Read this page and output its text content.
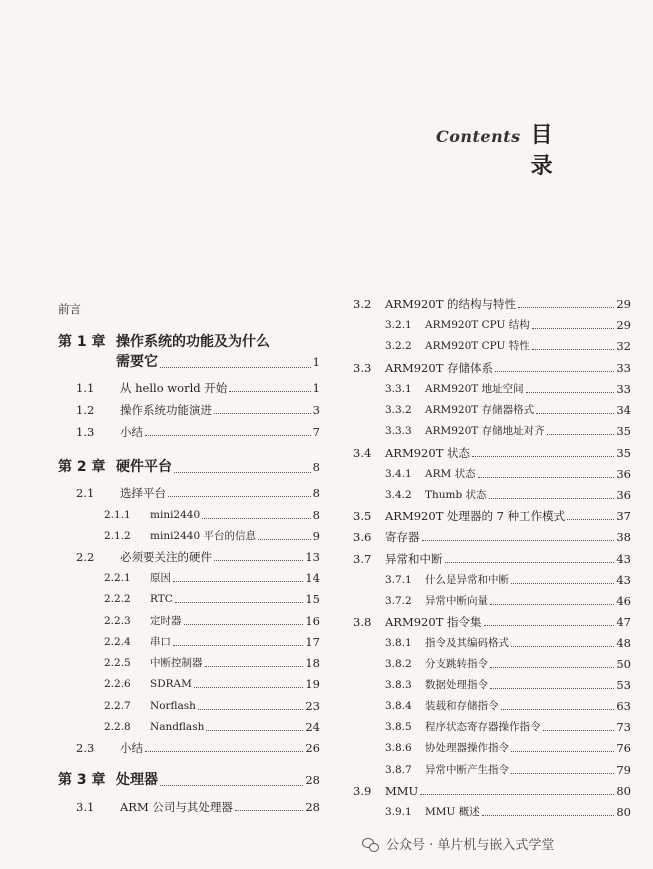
Contents 目 录
前言
第 1 章 操作系统的功能及为什么
需要它	1
1.1	从 hello world 开始	1
1.2	操作系统功能演进	3
1.3	小结	7
第 2 章 硬件平台	8
2.1	选择平台	8
2.1.1	mini2440	8
2.1.2	mini2440 平台的信息	9
2.2	必须要关注的硬件	13
2.2.1	原因	14
2.2.2	RTC	15
2.2.3	定时器	16
2.2.4	串口	17
2.2.5	中断控制器	18
2.2.6	SDRAM	19
2.2.7	Norflash	23
2.2.8	Nandflash	24
2.3	小结	26
第 3 章 处理器	28
3.1	ARM 公司与其处理器	28
3.2	ARM920T 的结构与特性	29
3.2.1	ARM920T CPU 结构	29
3.2.2	ARM920T CPU 特性	32
3.3	ARM920T 存储体系	33
3.3.1	ARM920T 地址空间	33
3.3.2	ARM920T 存储器格式	34
3.3.3	ARM920T 存储地址对齐	35
3.4	ARM920T 状态	35
3.4.1	ARM 状态	36
3.4.2	Thumb 状态	36
3.5	ARM920T 处理器的 7 种工作模式	37
3.6	寄存器	38
3.7	异常和中断	43
3.7.1	什么是异常和中断	43
3.7.2	异常中断向量	46
3.8	ARM920T 指令集	47
3.8.1	指令及其编码格式	48
3.8.2	分支跳转指令	50
3.8.3	数据处理指令	53
3.8.4	装载和存储指令	63
3.8.5	程序状态寄存器操作指令	73
3.8.6	协处理器操作指令	76
3.8.7	异常中断产生指令	79
3.9	MMU	80
3.9.1	MMU 概述	80
公众号 · 单片机与嵌入式学堂
